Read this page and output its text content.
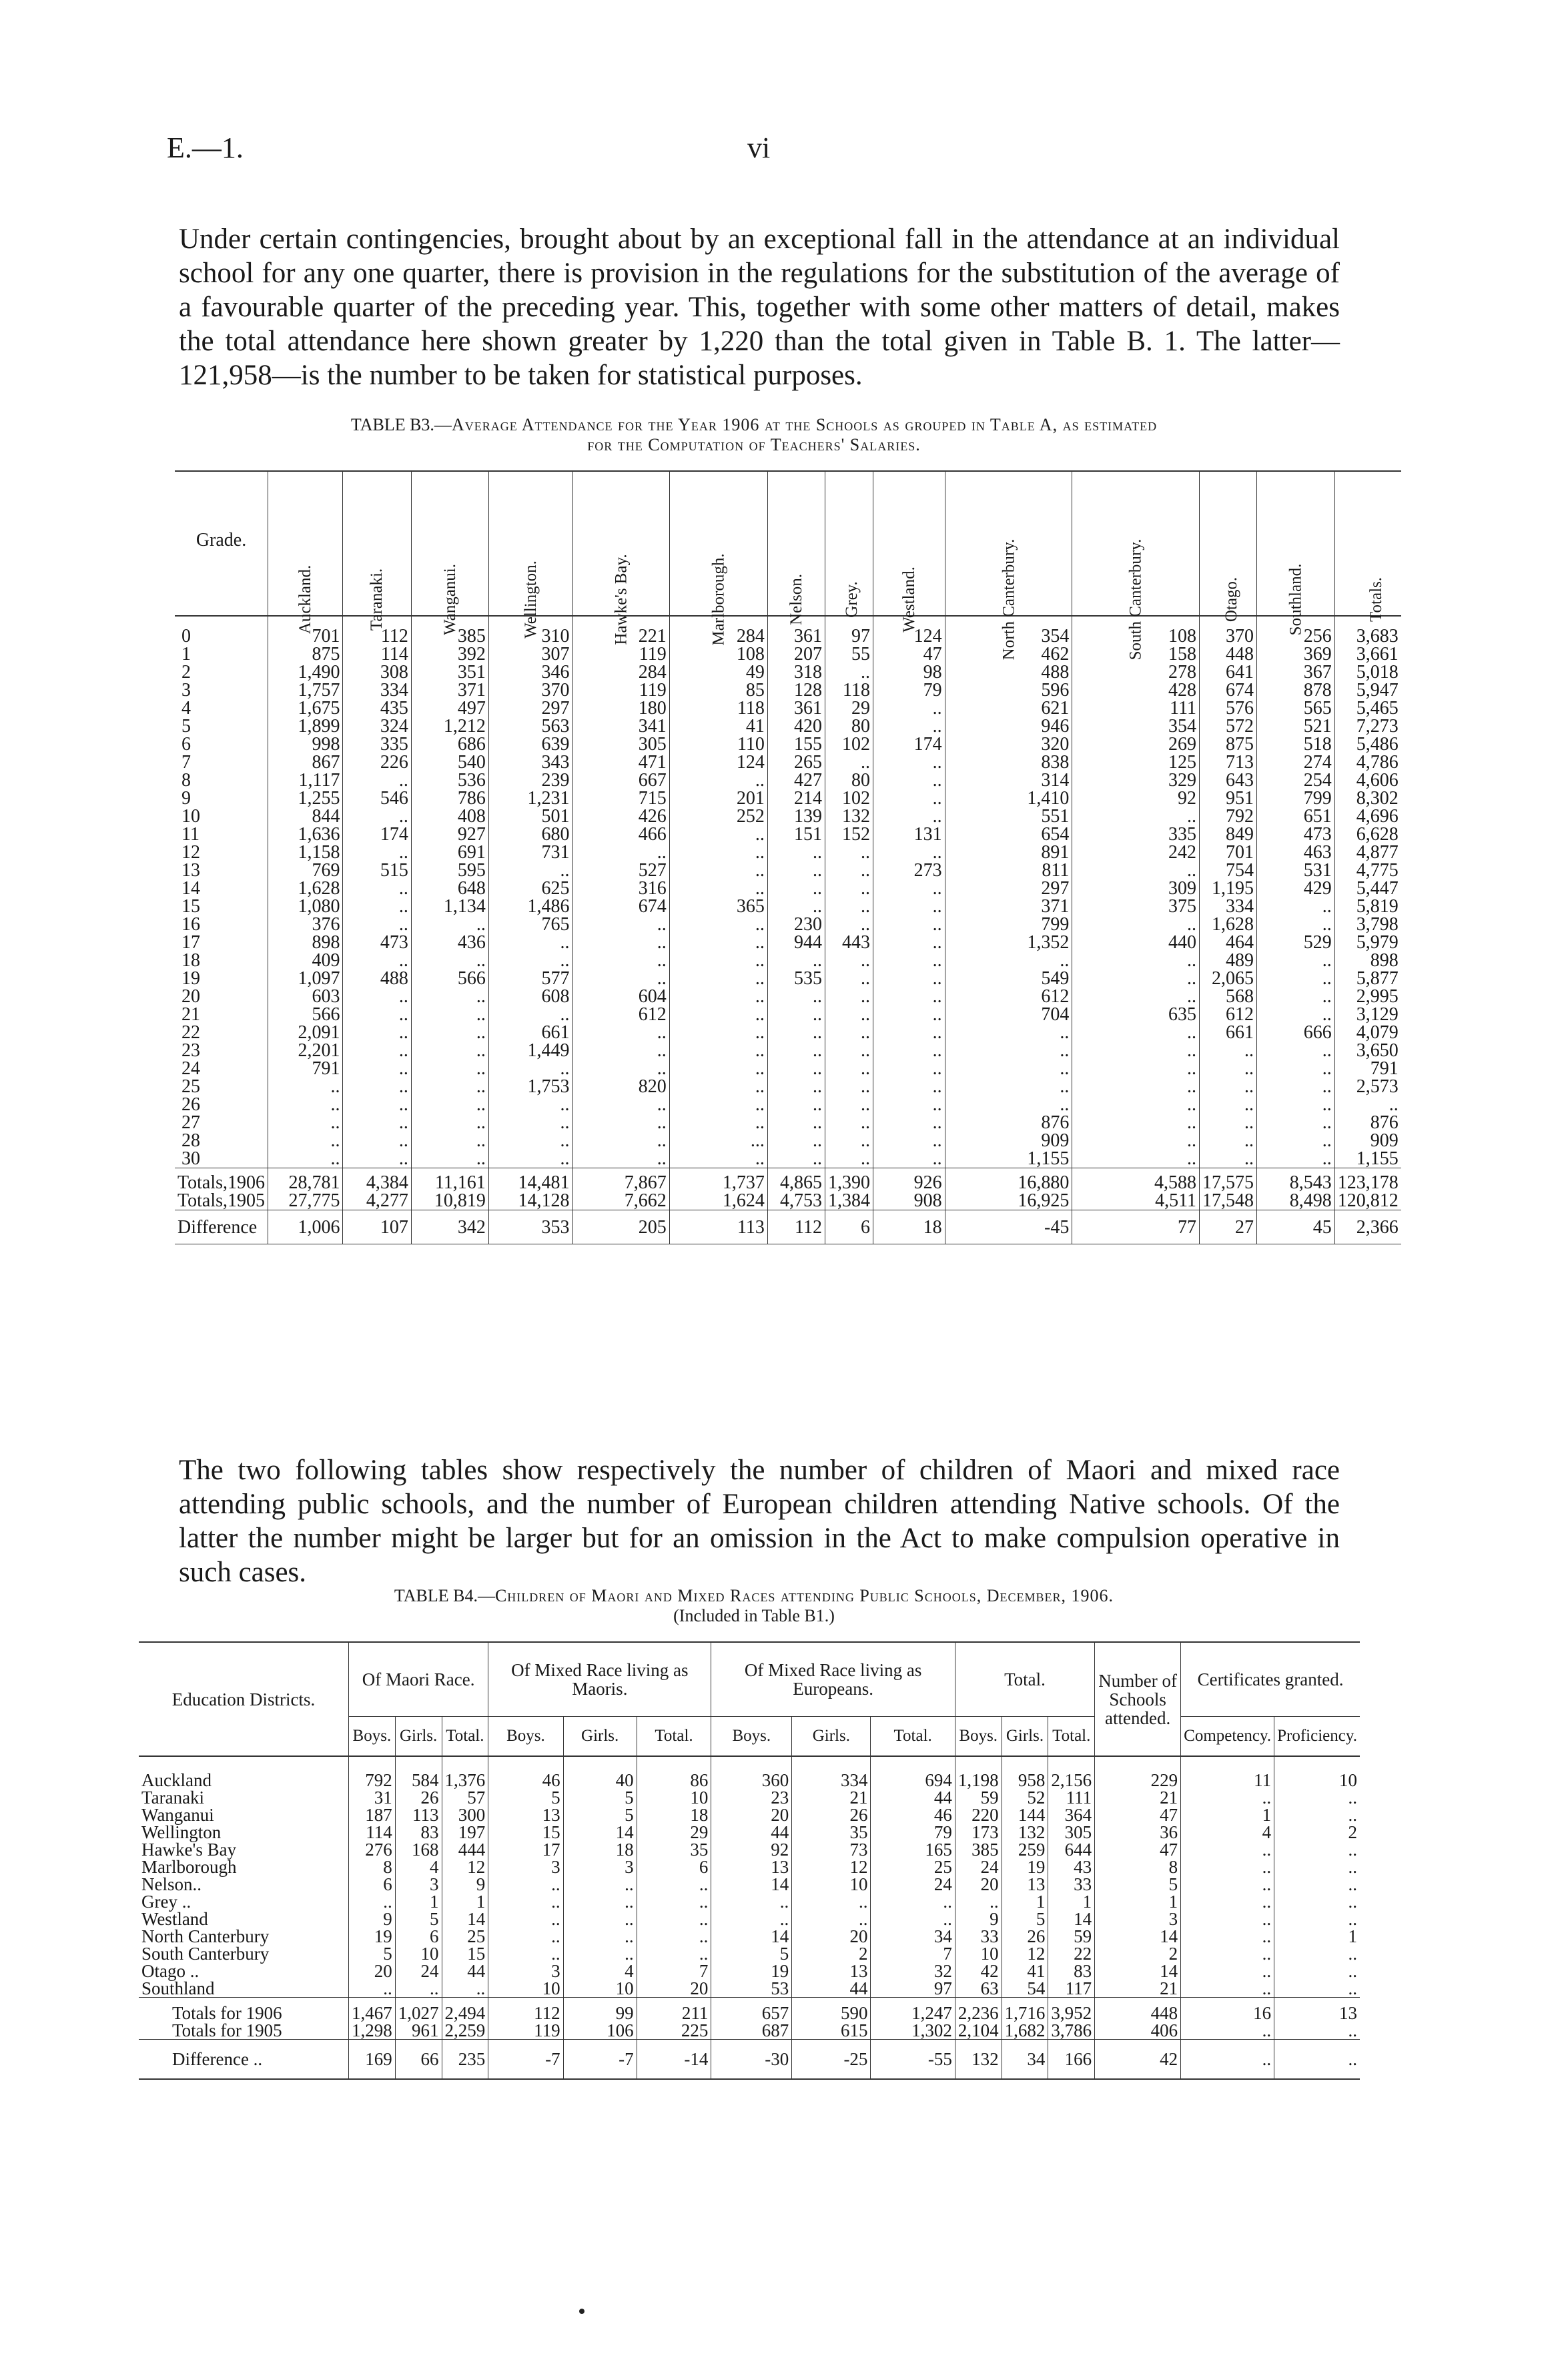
E.—1.	vi

Under certain contingencies, brought about by an exceptional fall in the attendance at an individual school for any one quarter, there is provision in the regulations for the substitution of the average of a favourable quarter of the preceding year. This, together with some other matters of detail, makes the total attendance here shown greater by 1,220 than the total given in Table B. 1. The latter—121,958—is the number to be taken for statistical purposes.

TABLE B3.—Average Attendance for the Year 1906 at the Schools as grouped in Table A, as estimated
for the Computation of Teachers' Salaries.
Grade.	Auckland.	Taranaki.	Wanganui.	Wellington.	Hawke's Bay.	Marlborough.	Nelson.	Grey.	Westland.	North Canterbury.	South Canterbury.	Otago.	Southland.	Totals.
0	701	112	385	310	221	284	361	97	124	354	108	370	256	3,683
1	875	114	392	307	119	108	207	55	47	462	158	448	369	3,661
2	1,490	308	351	346	284	49	318	..	98	488	278	641	367	5,018
3	1,757	334	371	370	119	85	128	118	79	596	428	674	878	5,947
4	1,675	435	497	297	180	118	361	29	..	621	111	576	565	5,465
5	1,899	324	1,212	563	341	41	420	80	..	946	354	572	521	7,273
6	998	335	686	639	305	110	155	102	174	320	269	875	518	5,486
7	867	226	540	343	471	124	265	..	..	838	125	713	274	4,786
8	1,117	..	536	239	667	..	427	80	..	314	329	643	254	4,606
9	1,255	546	786	1,231	715	201	214	102	..	1,410	92	951	799	8,302
10	844	..	408	501	426	252	139	132	..	551	..	792	651	4,696
11	1,636	174	927	680	466	..	151	152	131	654	335	849	473	6,628
12	1,158	..	691	731	..	..	..	..	..	891	242	701	463	4,877
13	769	515	595	..	527	..	..	..	273	811	..	754	531	4,775
14	1,628	..	648	625	316	..	..	..	..	297	309	1,195	429	5,447
15	1,080	..	1,134	1,486	674	365	..	..	..	371	375	334	..	5,819
16	376	..	..	765	..	..	230	..	..	799	..	1,628	..	3,798
17	898	473	436	..	..	..	944	443	..	1,352	440	464	529	5,979
18	409	..	..	..	..	..	..	..	..	..	..	489	..	898
19	1,097	488	566	577	..	..	535	..	..	549	..	2,065	..	5,877
20	603	..	..	608	604	..	..	..	..	612	..	568	..	2,995
21	566	..	..	..	612	..	..	..	..	704	635	612	..	3,129
22	2,091	..	..	661	..	..	..	..	..	..	..	661	666	4,079
23	2,201	..	..	1,449	..	..	..	..	..	..	..	..	..	3,650
24	791	..	..	..	..	..	..	..	..	..	..	..	..	791
25	..	..	..	1,753	820	..	..	..	..	..	..	..	..	2,573
26	..	..	..	..	..	..	..	..	..	..	..	..	..	..
27	..	..	..	..	..	..	..	..	..	876	..	..	..	876
28	..	..	..	..	..	...	..	..	..	909	..	..	..	909
30	..	..	..	..	..	..	..	..	..	1,155	..	..	..	1,155
Totals,1906	28,781	4,384	11,161	14,481	7,867	1,737	4,865	1,390	926	16,880	4,588	17,575	8,543	123,178
Totals,1905	27,775	4,277	10,819	14,128	7,662	1,624	4,753	1,384	908	16,925	4,511	17,548	8,498	120,812
Difference	1,006	107	342	353	205	113	112	6	18	-45	77	27	45	2,366

The two following tables show respectively the number of children of Maori and mixed race attending public schools, and the number of European children attending Native schools. Of the latter the number might be larger but for an omission in the Act to make compulsion operative in such cases.

TABLE B4.—Children of Maori and Mixed Races attending Public Schools, December, 1906.
(Included in Table B1.)
Education Districts.	Of Maori Race.			Of Mixed Race living as Maoris.			Of Mixed Race living as Europeans.			Total.			Number of Schools attended.	Certificates granted.	
	Boys.	Girls.	Total.	Boys.	Girls.	Total.	Boys.	Girls.	Total.	Boys.	Girls.	Total.		Competency.	Proficiency.
Auckland	792	584	1,376	46	40	86	360	334	694	1,198	958	2,156	229	11	10
Taranaki	31	26	57	5	5	10	23	21	44	59	52	111	21	..	..
Wanganui	187	113	300	13	5	18	20	26	46	220	144	364	47	1	..
Wellington	114	83	197	15	14	29	44	35	79	173	132	305	36	4	2
Hawke's Bay	276	168	444	17	18	35	92	73	165	385	259	644	47	..	..
Marlborough	8	4	12	3	3	6	13	12	25	24	19	43	8	..	..
Nelson..	6	3	9	..	..	..	14	10	24	20	13	33	5	..	..
Grey ..	..	1	1	..	..	..	..	..	..	..	1	1	1	..	..
Westland	9	5	14	..	..	..	..	..	..	9	5	14	3	..	..
North Canterbury	19	6	25	..	..	..	14	20	34	33	26	59	14	..	1
South Canterbury	5	10	15	..	..	..	5	2	7	10	12	22	2	..	..
Otago ..	20	24	44	3	4	7	19	13	32	42	41	83	14	..	..
Southland	..	..	..	10	10	20	53	44	97	63	54	117	21	..	..
Totals for 1906	1,467	1,027	2,494	112	99	211	657	590	1,247	2,236	1,716	3,952	448	16	13
Totals for 1905	1,298	961	2,259	119	106	225	687	615	1,302	2,104	1,682	3,786	406	..	..
Difference ..	169	66	235	-7	-7	-14	-30	-25	-55	132	34	166	42	..	..
